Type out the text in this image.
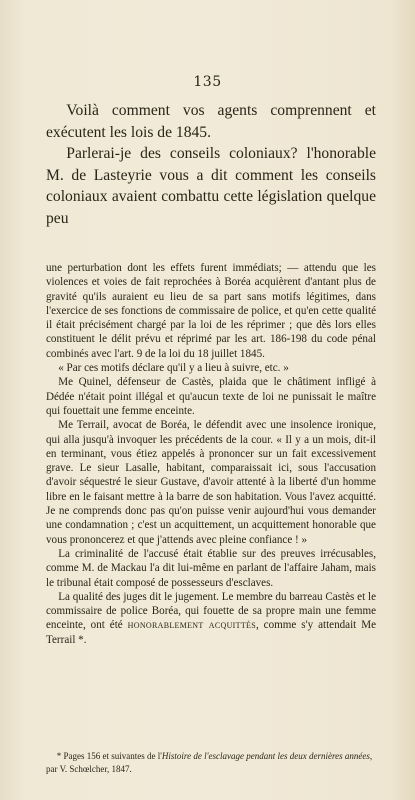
135

Voilà comment vos agents comprennent et exécutent les lois de 1845.

Parlerai-je des conseils coloniaux? l'honorable M. de Lasteyrie vous a dit comment les conseils coloniaux avaient combattu cette législation quelque peu

une perturbation dont les effets furent immédiats; — attendu que les violences et voies de fait reprochées à Boréa acquièrent d'antant plus de gravité qu'ils auraient eu lieu de sa part sans motifs légitimes, dans l'exercice de ses fonctions de commissaire de police, et qu'en cette qualité il était précisément chargé par la loi de les réprimer ; que dès lors elles constituent le délit prévu et réprimé par les art. 186-198 du code pénal combinés avec l'art. 9 de la loi du 18 juillet 1845.

« Par ces motifs déclare qu'il y a lieu à suivre, etc. »

Me Quinel, défenseur de Castès, plaida que le châtiment infligé à Dédée n'était point illégal et qu'aucun texte de loi ne punissait le maître qui fouettait une femme enceinte.

Me Terrail, avocat de Boréa, le défendit avec une insolence ironique, qui alla jusqu'à invoquer les précédents de la cour. « Il y a un mois, dit-il en terminant, vous étiez appelés à prononcer sur un fait excessivement grave. Le sieur Lasalle, habitant, comparaissait ici, sous l'accusation d'avoir séquestré le sieur Gustave, d'avoir attenté à la liberté d'un homme libre en le faisant mettre à la barre de son habitation. Vous l'avez acquitté. Je ne comprends donc pas qu'on puisse venir aujourd'hui vous demander une condamnation ; c'est un acquittement, un acquittement honorable que vous prononcerez et que j'attends avec pleine confiance ! »

La criminalité de l'accusé était établie sur des preuves irrécusables, comme M. de Mackau l'a dit lui-même en parlant de l'affaire Jaham, mais le tribunal était composé de possesseurs d'esclaves.

La qualité des juges dit le jugement. Le membre du barreau Castès et le commissaire de police Boréa, qui fouette de sa propre main une femme enceinte, ont été honorablement acquittés, comme s'y attendait Me Terrail *.

* Pages 156 et suivantes de l'Histoire de l'esclavage pendant les deux dernières années, par V. Schœlcher, 1847.
